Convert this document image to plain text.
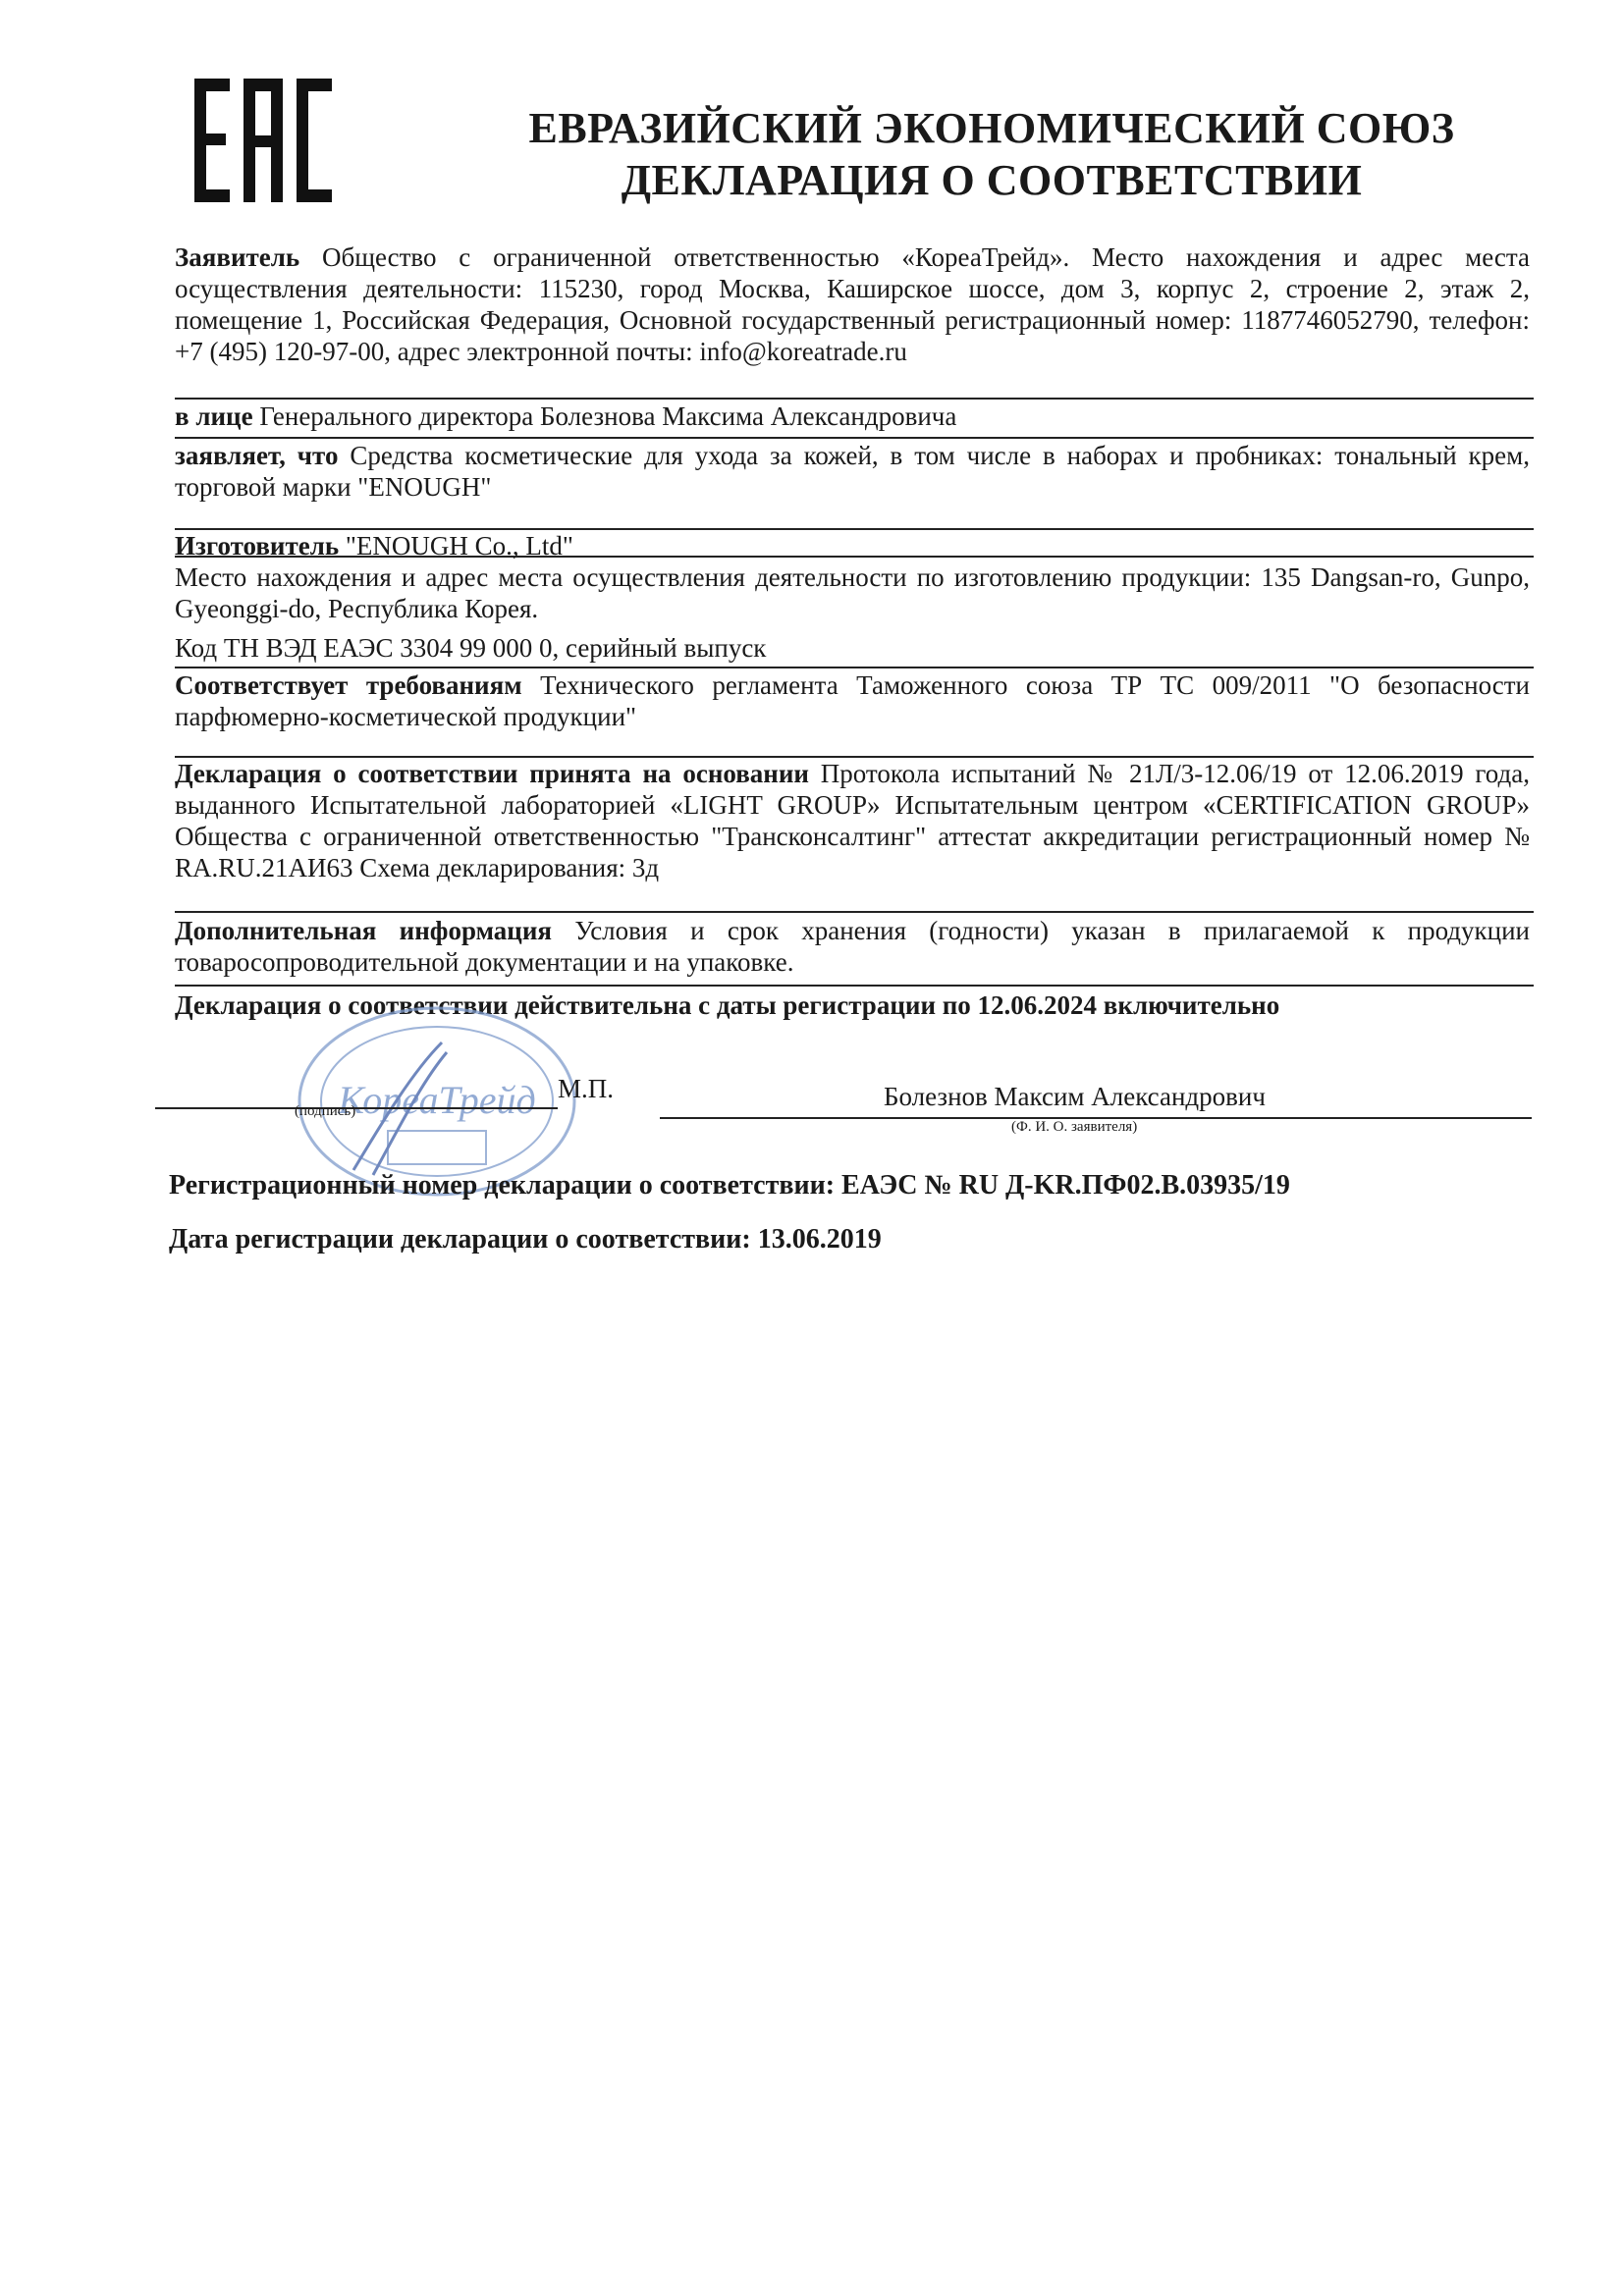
ЕВРАЗИЙСКИЙ ЭКОНОМИЧЕСКИЙ СОЮЗ
ДЕКЛАРАЦИЯ О СООТВЕТСТВИИ
Заявитель Общество с ограниченной ответственностью «КореаТрейд». Место нахождения и адрес места осуществления деятельности: 115230, город Москва, Каширское шоссе, дом 3, корпус 2, строение 2, этаж 2, помещение 1, Российская Федерация, Основной государственный регистрационный номер: 1187746052790, телефон: +7 (495) 120-97-00, адрес электронной почты: info@koreatrade.ru
в лице Генерального директора Болезнова Максима Александровича
заявляет, что Средства косметические для ухода за кожей, в том числе в наборах и пробниках: тональный крем, торговой марки "ENOUGH"
Изготовитель "ENOUGH Co., Ltd"
Место нахождения и адрес места осуществления деятельности по изготовлению продукции: 135 Dangsan-ro, Gunpo, Gyeonggi-do, Республика Корея.
Код ТН ВЭД ЕАЭС 3304 99 000 0, серийный выпуск
Соответствует требованиям Технического регламента Таможенного союза ТР ТС 009/2011 "О безопасности парфюмерно-косметической продукции"
Декларация о соответствии принята на основании Протокола испытаний № 21Л/3-12.06/19 от 12.06.2019 года, выданного Испытательной лабораторией «LIGHT GROUP» Испытательным центром «CERTIFICATION GROUP» Общества с ограниченной ответственностью "Трансконсалтинг" аттестат аккредитации регистрационный номер № RA.RU.21АИ63 Схема декларирования: 3д
Дополнительная информация Условия и срок хранения (годности) указан в прилагаемой к продукции товаросопроводительной документации и на упаковке.
Декларация о соответствии действительна с даты регистрации по 12.06.2024 включительно
КореаТрейд
(подпись)
М.П.	Болезнов Максим Александрович
(Ф. И. О. заявителя)
Регистрационный номер декларации о соответствии: ЕАЭС № RU Д-KR.ПФ02.В.03935/19
Дата регистрации декларации о соответствии: 13.06.2019
